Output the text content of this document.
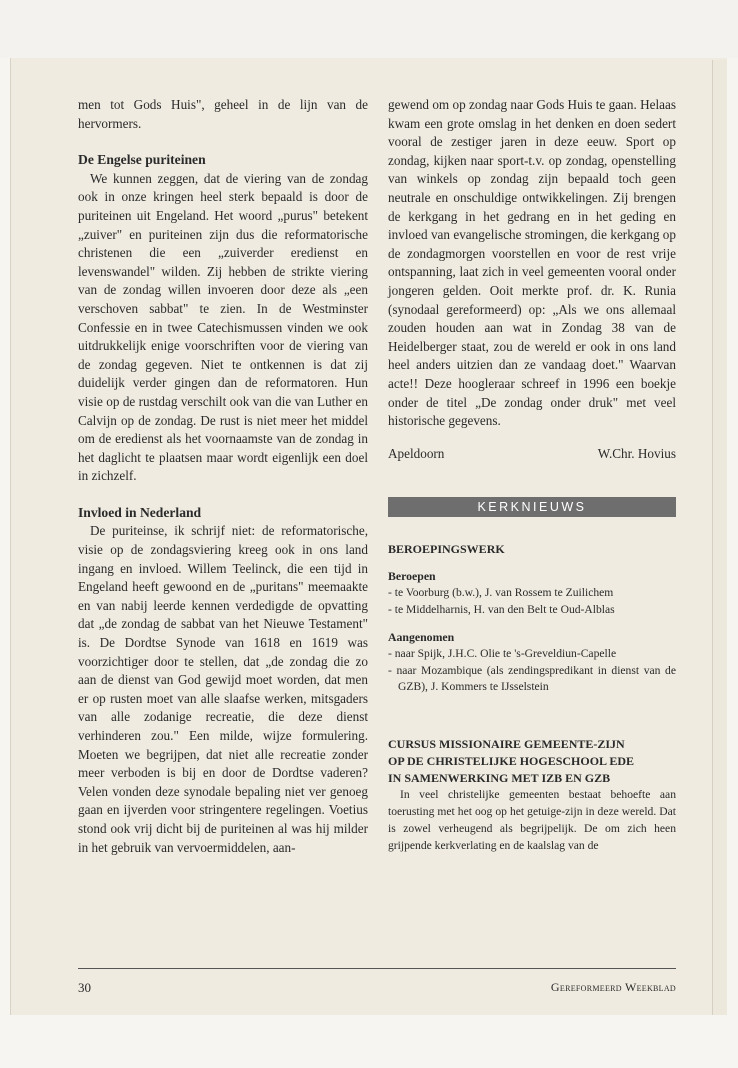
men tot Gods Huis", geheel in de lijn van de hervormers.

De Engelse puriteinen

We kunnen zeggen, dat de viering van de zondag ook in onze kringen heel sterk bepaald is door de puriteinen uit Engeland. Het woord „purus" betekent „zuiver" en puriteinen zijn dus die reformatorische christenen die een „zuiverder eredienst en levenswandel" wilden. Zij hebben de strikte viering van de zondag willen invoeren door deze als „een verschoven sabbat" te zien. In de Westminster Confessie en in twee Catechismussen vinden we ook uitdrukkelijk enige voorschriften voor de viering van de zondag gegeven. Niet te ontkennen is dat zij duidelijk verder gingen dan de reformatoren. Hun visie op de rustdag verschilt ook van die van Luther en Calvijn op de zondag. De rust is niet meer het middel om de eredienst als het voornaamste van de zondag in het daglicht te plaatsen maar wordt eigenlijk een doel in zichzelf.

Invloed in Nederland

De puriteinse, ik schrijf niet: de reformatorische, visie op de zondagsviering kreeg ook in ons land ingang en invloed. Willem Teelinck, die een tijd in Engeland heeft gewoond en de „puritans" meemaakte en van nabij leerde kennen verdedigde de opvatting dat „de zondag de sabbat van het Nieuwe Testament" is. De Dordtse Synode van 1618 en 1619 was voorzichtiger door te stellen, dat „de zondag die zo aan de dienst van God gewijd moet worden, dat men er op rusten moet van alle slaafse werken, mitsgaders van alle zodanige recreatie, die deze dienst verhinderen zou." Een milde, wijze formulering. Moeten we begrijpen, dat niet alle recreatie zonder meer verboden is bij en door de Dordtse vaderen? Velen vonden deze synodale bepaling niet ver genoeg gaan en ijverden voor stringentere regelingen. Voetius stond ook vrij dicht bij de puriteinen al was hij milder in het gebruik van vervoermiddelen, aan-

gewend om op zondag naar Gods Huis te gaan. Helaas kwam een grote omslag in het denken en doen sedert vooral de zestiger jaren in deze eeuw. Sport op zondag, kijken naar sport-t.v. op zondag, openstelling van winkels op zondag zijn bepaald toch geen neutrale en onschuldige ontwikkelingen. Zij brengen de kerkgang in het gedrang en in het geding en invloed van evangelische stromingen, die kerkgang op de zondagmorgen voorstellen en voor de rest vrije ontspanning, laat zich in veel gemeenten vooral onder jongeren gelden. Ooit merkte prof. dr. K. Runia (synodaal gereformeerd) op: „Als we ons allemaal zouden houden aan wat in Zondag 38 van de Heidelberger staat, zou de wereld er ook in ons land heel anders uitzien dan ze vandaag doet." Waarvan acte!! Deze hoogleraar schreef in 1996 een boekje onder de titel „De zondag onder druk" met veel historische gegevens.

Apeldoorn	W.Chr. Hovius
KERKNIEUWS
BEROEPINGSWERK

Beroepen

- te Voorburg (b.w.), J. van Rossem te Zuilichem
- te Middelharnis, H. van den Belt te Oud-Alblas

Aangenomen

- naar Spijk, J.H.C. Olie te 's-Greveldiun-Capelle
- naar Mozambique (als zendingspredikant in dienst van de GZB), J. Kommers te IJsselstein
CURSUS MISSIONAIRE GEMEENTE-ZIJN
OP DE CHRISTELIJKE HOGESCHOOL EDE
IN SAMENWERKING MET IZB EN GZB

In veel christelijke gemeenten bestaat behoefte aan toerusting met het oog op het getuige-zijn in deze wereld. Dat is zowel verheugend als begrijpelijk. De om zich heen grijpende kerkverlating en de kaalslag van de

30	Gereformeerd Weekblad
